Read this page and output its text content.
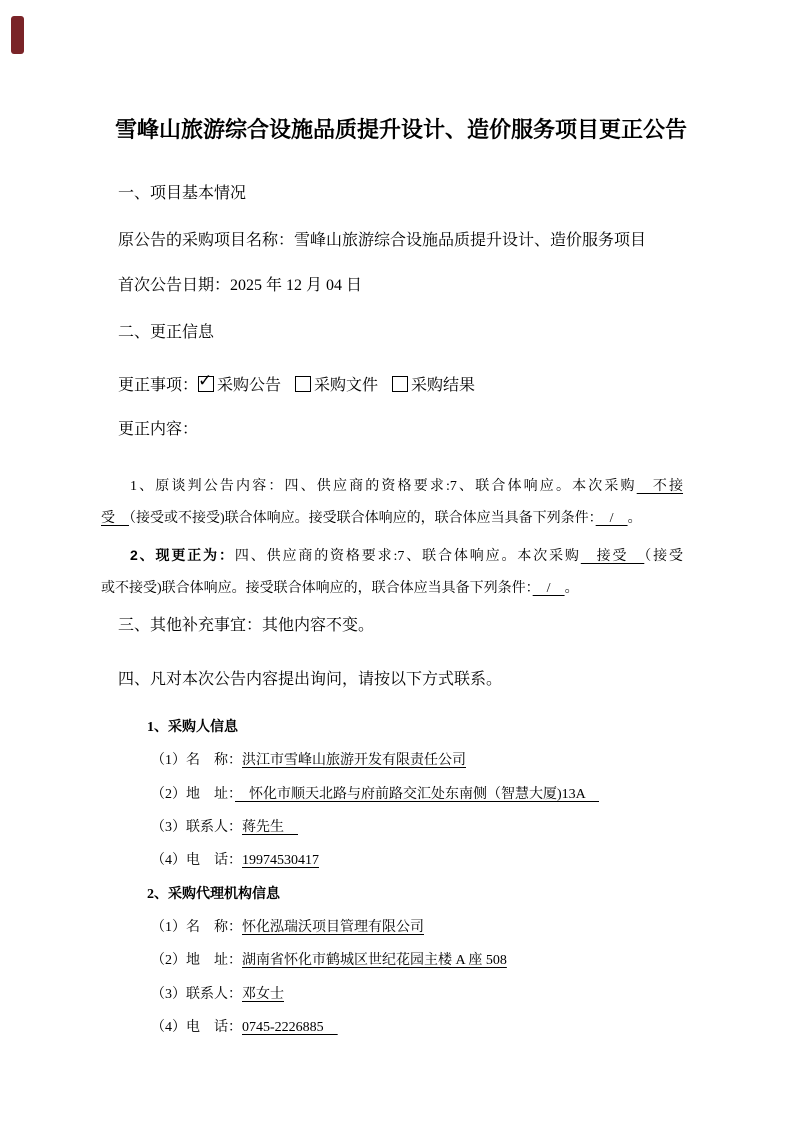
雪峰山旅游综合设施品质提升设计、造价服务项目更正公告
一、项目基本情况
原公告的采购项目名称：雪峰山旅游综合设施品质提升设计、造价服务项目
首次公告日期：2025 年 12 月 04 日
二、更正信息
更正事项： ✓ 采购公告 采购文件 采购结果
更正内容：
1、原谈判公告内容：四、供应商的资格要求:7、联合体响应。本次采购　不接
受　（接受或不接受)联合体响应。接受联合体响应的，联合体应当具备下列条件：　/　。
2、现更正为：四、供应商的资格要求:7、联合体响应。本次采购　接受　（接受
或不接受)联合体响应。接受联合体响应的，联合体应当具备下列条件：　/　。
三、其他补充事宜：其他内容不变。
四、凡对本次公告内容提出询问，请按以下方式联系。
1、采购人信息
（1）名　称：洪江市雪峰山旅游开发有限责任公司
（2）地　址：　怀化市顺天北路与府前路交汇处东南侧（智慧大厦)13A　
（3）联系人：蒋先生　
（4）电　话：19974530417
2、采购代理机构信息
（1）名　称：怀化泓瑞沃项目管理有限公司
（2）地　址：湖南省怀化市鹤城区世纪花园主楼 A 座 508
（3）联系人：邓女士
（4）电　话：0745-2226885　
